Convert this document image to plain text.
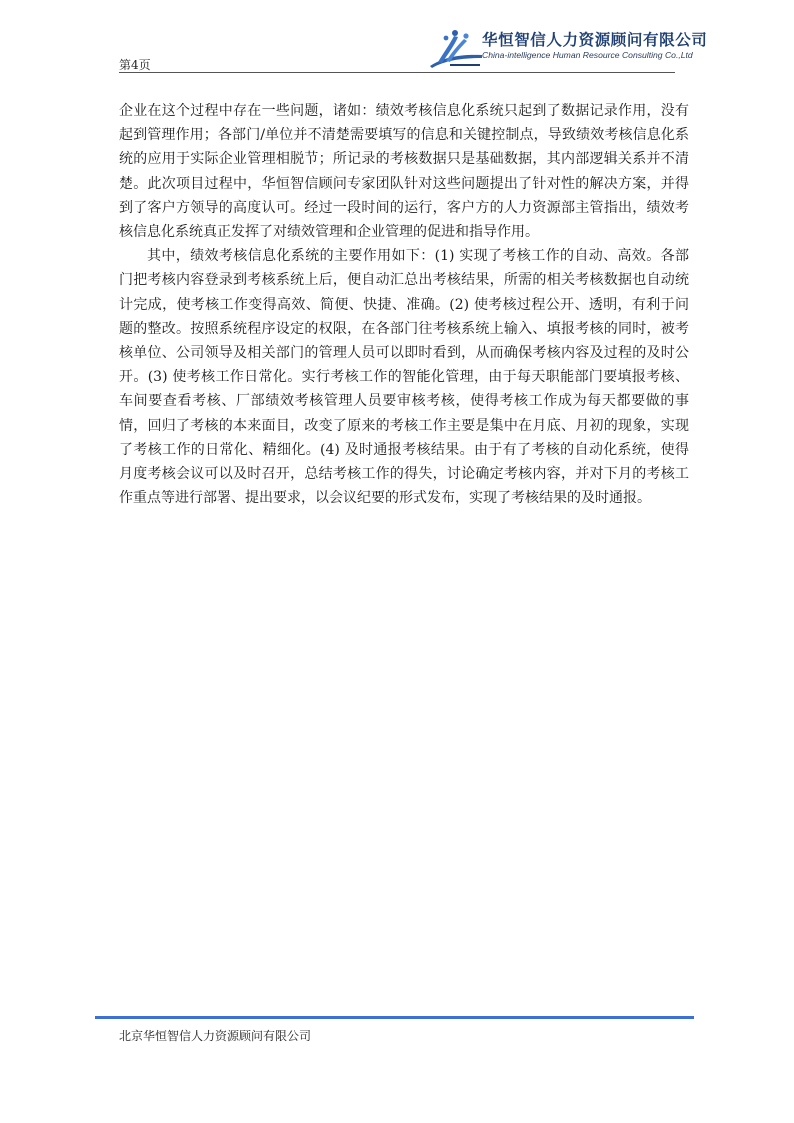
第4页
华恒智信人力资源顾问有限公司
China-intelligence Human Resource Consulting Co.,Ltd

企业在这个过程中存在一些问题，诸如：绩效考核信息化系统只起到了数据记录作用，没有起到管理作用；各部门/单位并不清楚需要填写的信息和关键控制点，导致绩效考核信息化系统的应用于实际企业管理相脱节；所记录的考核数据只是基础数据，其内部逻辑关系并不清楚。此次项目过程中，华恒智信顾问专家团队针对这些问题提出了针对性的解决方案，并得到了客户方领导的高度认可。经过一段时间的运行，客户方的人力资源部主管指出，绩效考核信息化系统真正发挥了对绩效管理和企业管理的促进和指导作用。

其中，绩效考核信息化系统的主要作用如下：(1) 实现了考核工作的自动、高效。各部门把考核内容登录到考核系统上后，便自动汇总出考核结果，所需的相关考核数据也自动统计完成，使考核工作变得高效、简便、快捷、准确。(2) 使考核过程公开、透明，有利于问题的整改。按照系统程序设定的权限，在各部门往考核系统上输入、填报考核的同时，被考核单位、公司领导及相关部门的管理人员可以即时看到，从而确保考核内容及过程的及时公开。(3) 使考核工作日常化。实行考核工作的智能化管理，由于每天职能部门要填报考核、车间要查看考核、厂部绩效考核管理人员要审核考核，使得考核工作成为每天都要做的事情，回归了考核的本来面目，改变了原来的考核工作主要是集中在月底、月初的现象，实现了考核工作的日常化、精细化。(4) 及时通报考核结果。由于有了考核的自动化系统，使得月度考核会议可以及时召开，总结考核工作的得失，讨论确定考核内容，并对下月的考核工作重点等进行部署、提出要求，以会议纪要的形式发布，实现了考核结果的及时通报。

北京华恒智信人力资源顾问有限公司
